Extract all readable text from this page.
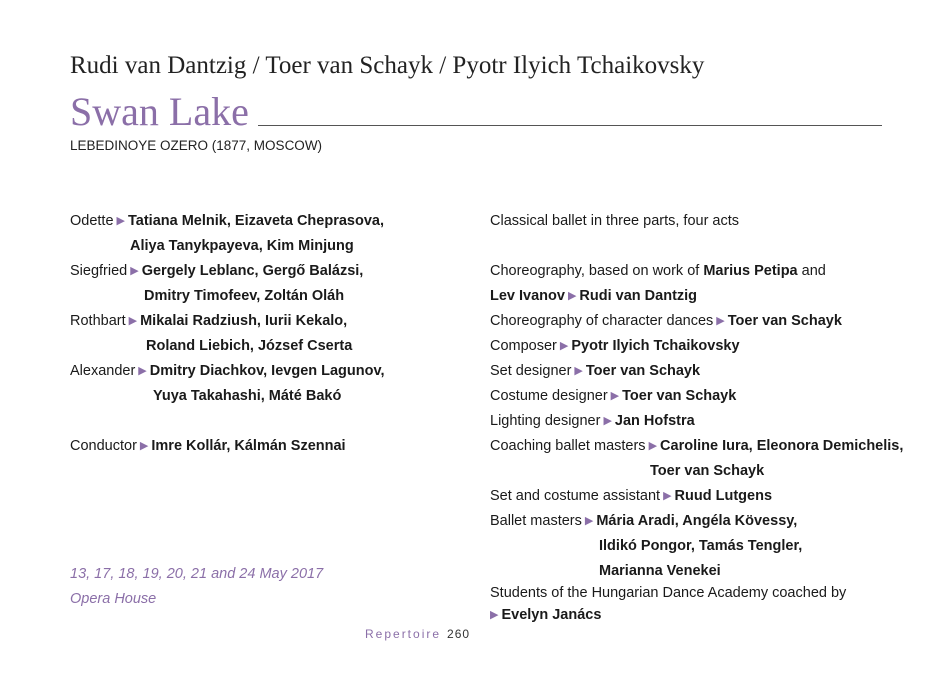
Rudi van Dantzig / Toer van Schayk / Pyotr Ilyich Tchaikovsky
Swan Lake
LEBEDINOYE OZERO (1877, MOSCOW)
Odette ▶ Tatiana Melnik, Eizaveta Cheprasova,
Aliya Tanykpayeva, Kim Minjung
Siegfried ▶ Gergely Leblanc, Gergő Balázsi,
Dmitry Timofeev, Zoltán Oláh
Rothbart ▶ Mikalai Radziush, Iurii Kekalo,
Roland Liebich, József Cserta
Alexander ▶ Dmitry Diachkov, Ievgen Lagunov,
Yuya Takahashi, Máté Bakó
Conductor ▶ Imre Kollár, Kálmán Szennai
Classical ballet in three parts, four acts
Choreography, based on work of Marius Petipa and
Lev Ivanov ▶ Rudi van Dantzig
Choreography of character dances ▶ Toer van Schayk
Composer ▶ Pyotr Ilyich Tchaikovsky
Set designer ▶ Toer van Schayk
Costume designer ▶ Toer van Schayk
Lighting designer ▶ Jan Hofstra
Coaching ballet masters ▶ Caroline Iura, Eleonora Demichelis,
Toer van Schayk
Set and costume assistant ▶ Ruud Lutgens
Ballet masters ▶ Mária Aradi, Angéla Kövessy,
Ildikó Pongor, Tamás Tengler,
Marianna Venekei
Students of the Hungarian Dance Academy coached by
▶ Evelyn Janács
13, 17, 18, 19, 20, 21 and 24 May 2017
Opera House
Repertoire 260
